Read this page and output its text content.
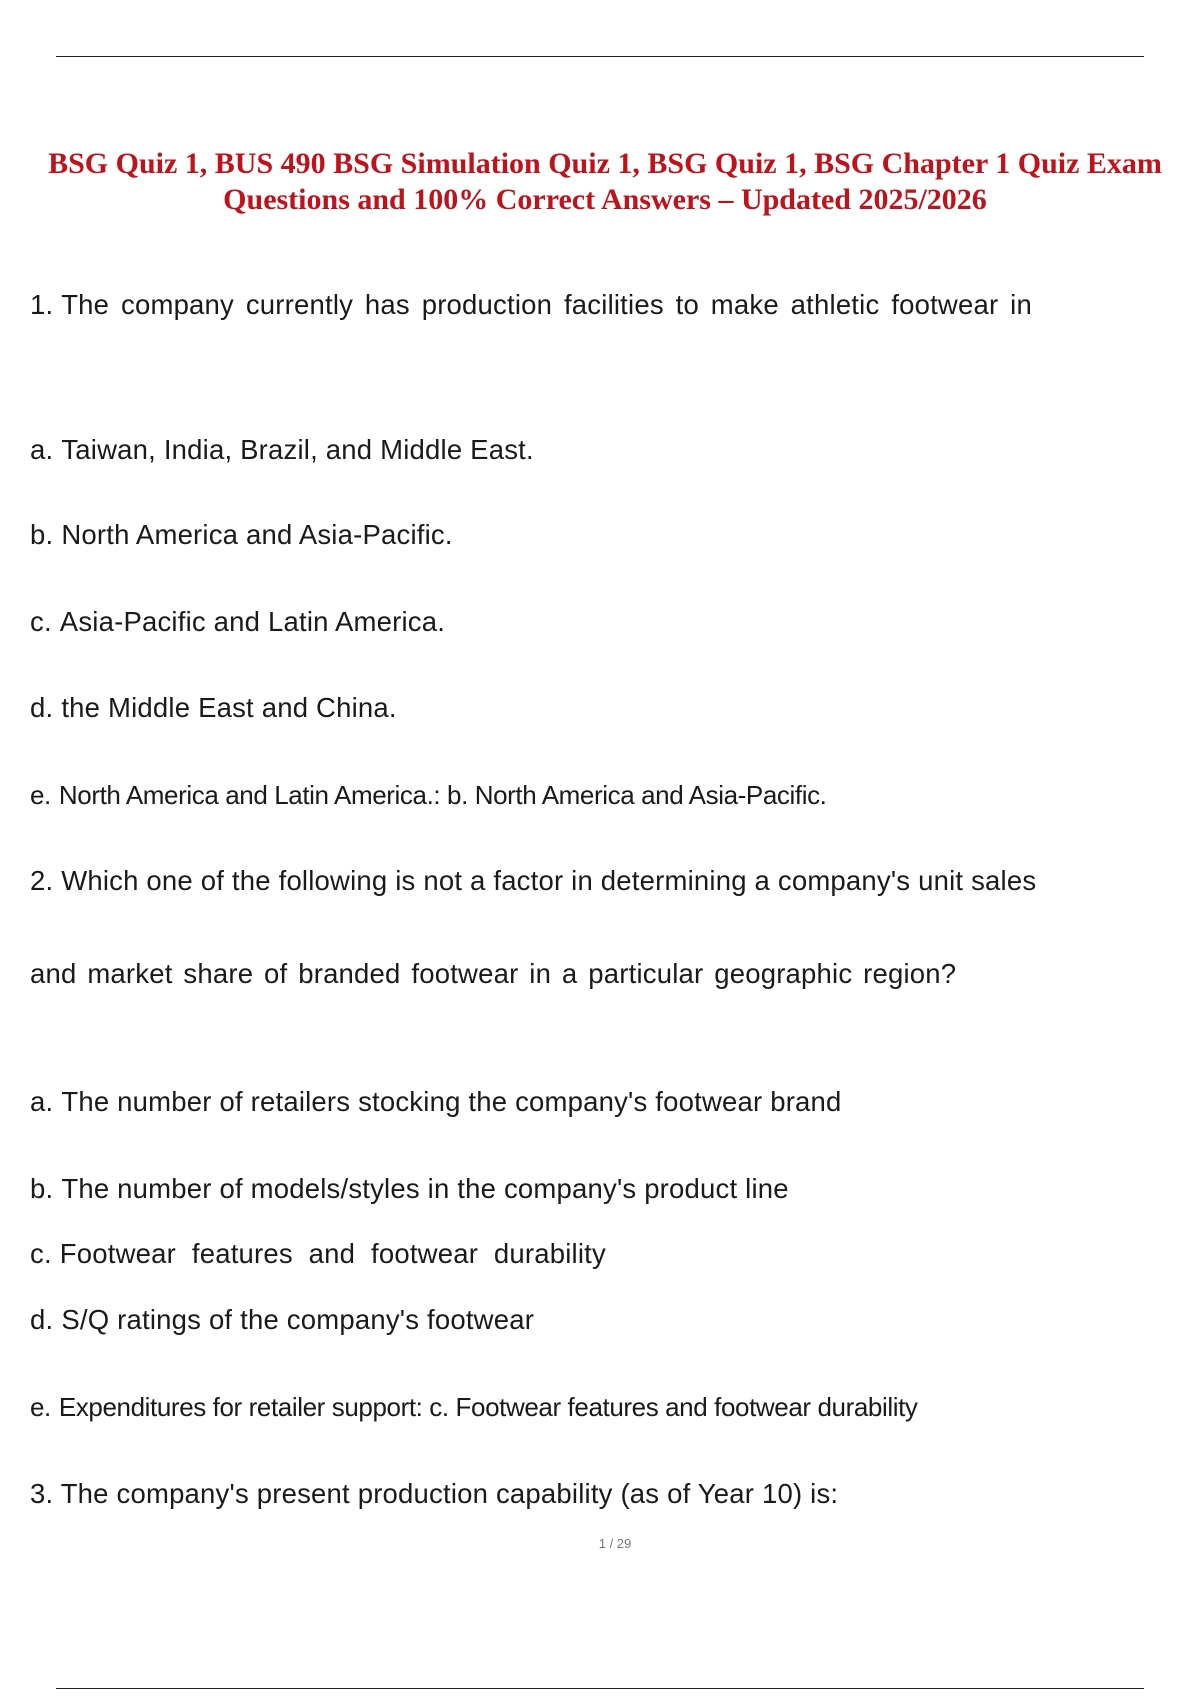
BSG Quiz 1, BUS 490 BSG Simulation Quiz 1, BSG Quiz 1, BSG Chapter 1 Quiz Exam
Questions and 100% Correct Answers – Updated 2025/2026

1. The company currently has production facilities to make athletic footwear in

a. Taiwan, India, Brazil, and Middle East.

b. North America and Asia-Pacific.

c. Asia-Pacific and Latin America.

d. the Middle East and China.

e. North America and Latin America.: b. North America and Asia-Pacific.

2. Which one of the following is not a factor in determining a company's unit sales

and market share of branded footwear in a particular geographic region?

a. The number of retailers stocking the company's footwear brand

b. The number of models/styles in the company's product line

c. Footwear features and footwear durability

d. S/Q ratings of the company's footwear

e. Expenditures for retailer support: c. Footwear features and footwear durability

3. The company's present production capability (as of Year 10) is:

1 / 29
